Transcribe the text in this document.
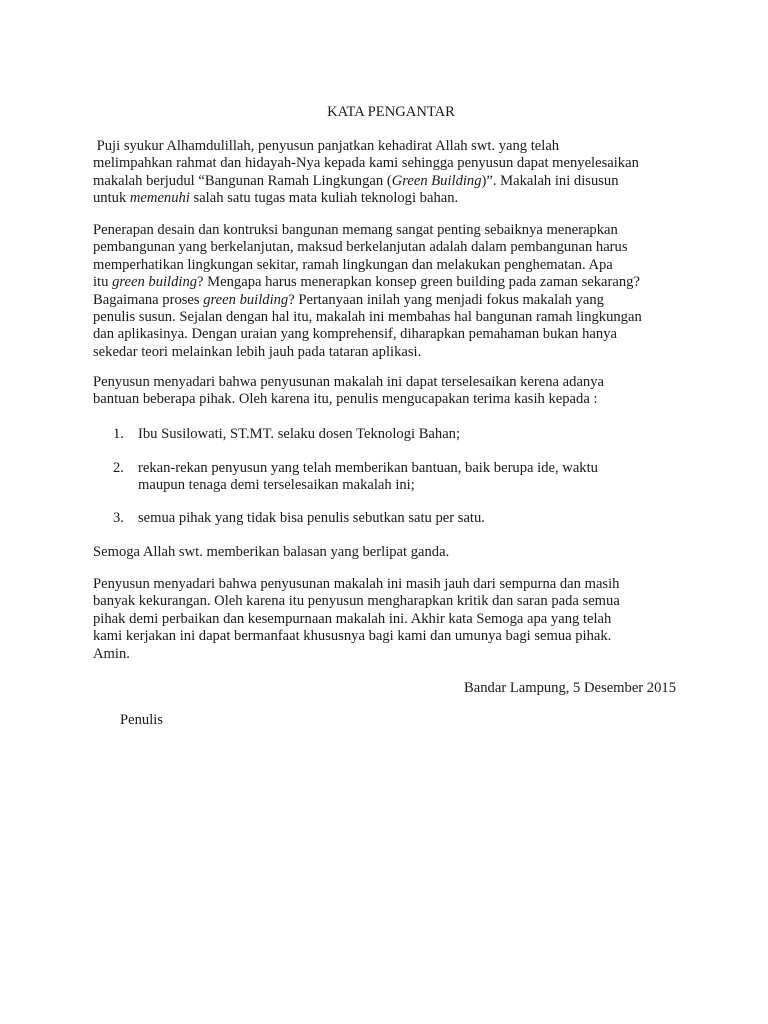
KATA PENGANTAR

Puji syukur Alhamdulillah, penyusun panjatkan kehadirat Allah swt. yang telah
melimpahkan rahmat dan hidayah-Nya kepada kami sehingga penyusun dapat menyelesaikan
makalah berjudul “Bangunan Ramah Lingkungan (Green Building)”. Makalah ini disusun
untuk memenuhi salah satu tugas mata kuliah teknologi bahan.

Penerapan desain dan kontruksi bangunan memang sangat penting sebaiknya menerapkan
pembangunan yang berkelanjutan, maksud berkelanjutan adalah dalam pembangunan harus
memperhatikan lingkungan sekitar, ramah lingkungan dan melakukan penghematan. Apa
itu green building? Mengapa harus menerapkan konsep green building pada zaman sekarang?
Bagaimana proses green building? Pertanyaan inilah yang menjadi fokus makalah yang
penulis susun. Sejalan dengan hal itu, makalah ini membahas hal bangunan ramah lingkungan
dan aplikasinya. Dengan uraian yang komprehensif, diharapkan pemahaman bukan hanya
sekedar teori melainkan lebih jauh pada tataran aplikasi.

Penyusun menyadari bahwa penyusunan makalah ini dapat terselesaikan kerena adanya
bantuan beberapa pihak. Oleh karena itu, penulis mengucapakan terima kasih kepada :

1. Ibu Susilowati, ST.MT. selaku dosen Teknologi Bahan;
2. rekan-rekan penyusun yang telah memberikan bantuan, baik berupa ide, waktu
maupun tenaga demi terselesaikan makalah ini;
3. semua pihak yang tidak bisa penulis sebutkan satu per satu.

Semoga Allah swt. memberikan balasan yang berlipat ganda.

Penyusun menyadari bahwa penyusunan makalah ini masih jauh dari sempurna dan masih
banyak kekurangan. Oleh karena itu penyusun mengharapkan kritik dan saran pada semua
pihak demi perbaikan dan kesempurnaan makalah ini. Akhir kata Semoga apa yang telah
kami kerjakan ini dapat bermanfaat khususnya bagi kami dan umunya bagi semua pihak.
Amin.

Bandar Lampung, 5 Desember 2015
Penulis
